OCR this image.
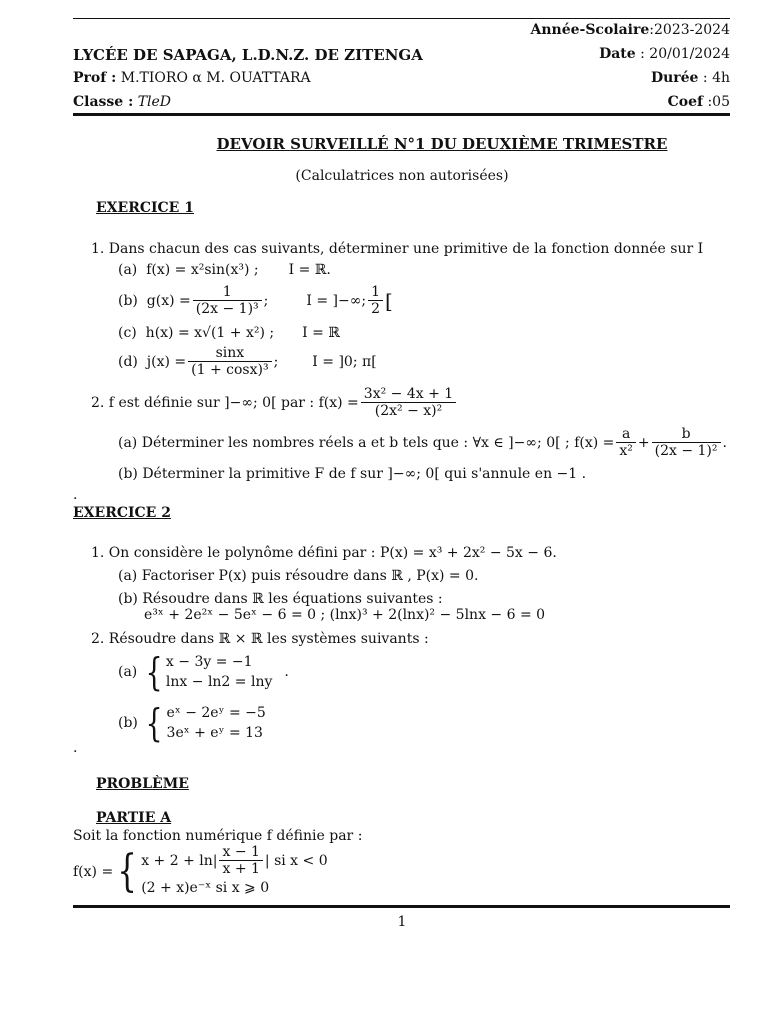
Année-Scolaire:2023-2024
LYCÉE DE SAPAGA, L.D.N.Z. DE ZITENGA	Date : 20/01/2024
Prof : M.TIORO α M. OUATTARA	Durée : 4h
Classe : TleD	Coef :05
DEVOIR SURVEILLÉ N°1 DU DEUXIÈME TRIMESTRE
(Calculatrices non autorisées)
EXERCICE 1
1. Dans chacun des cas suivants, déterminer une primitive de la fonction donnée sur I
(a) f(x) = x²sin(x³) ; I = ℝ.
(b)
$g(x) = \frac{1}{\text{(2x − 1)³}}$ ;	I = ]−∞; $\frac{1}{2}$ [
(c) h(x) = x√(1 + x²) ; I = ℝ
(d)
$j(x) = \frac{\sin x}{\text{(1 + cosx)³}}$ ; I = ]0; π[
2. f est définie sur ]−∞; 0[ par : $f(x) = \frac{\text{3x² − 4x + 1}}{\text{(2x² − x)²}}$
(a) Déterminer les nombres réels a et b tels que : ∀x ∈ ]−∞; 0[ ; $f(x) = \frac{a}{\text{x²}} + \frac{b}{\text{(2x − 1)²}}$ .
(b) Déterminer la primitive F de f sur ]−∞; 0[ qui s'annule en −1 .
.
EXERCICE 2
1. On considère le polynôme défini par : P(x) = x³ + 2x² − 5x − 6.
(a) Factoriser P(x) puis résoudre dans ℝ , P(x) = 0.
(b) Résoudre dans ℝ les équations suivantes :
e³ˣ + 2e²ˣ − 5eˣ − 6 = 0 ; (lnx)³ + 2(lnx)² − 5lnx − 6 = 0
2. Résoudre dans ℝ × ℝ les systèmes suivants :
(a)
{ x − 3y = −1
lnx − ln2 = lny
.
(b)
{ eˣ − 2eʸ = −5
3eˣ + eʸ = 13
.
PROBLÈME
PARTIE A
Soit la fonction numérique f définie par :
f(x) = { $x + 2 + \ln| \frac{x - 1}{x + 1}$ | si x < 0
(2 + x)e⁻ˣ si x ⩾ 0
1
